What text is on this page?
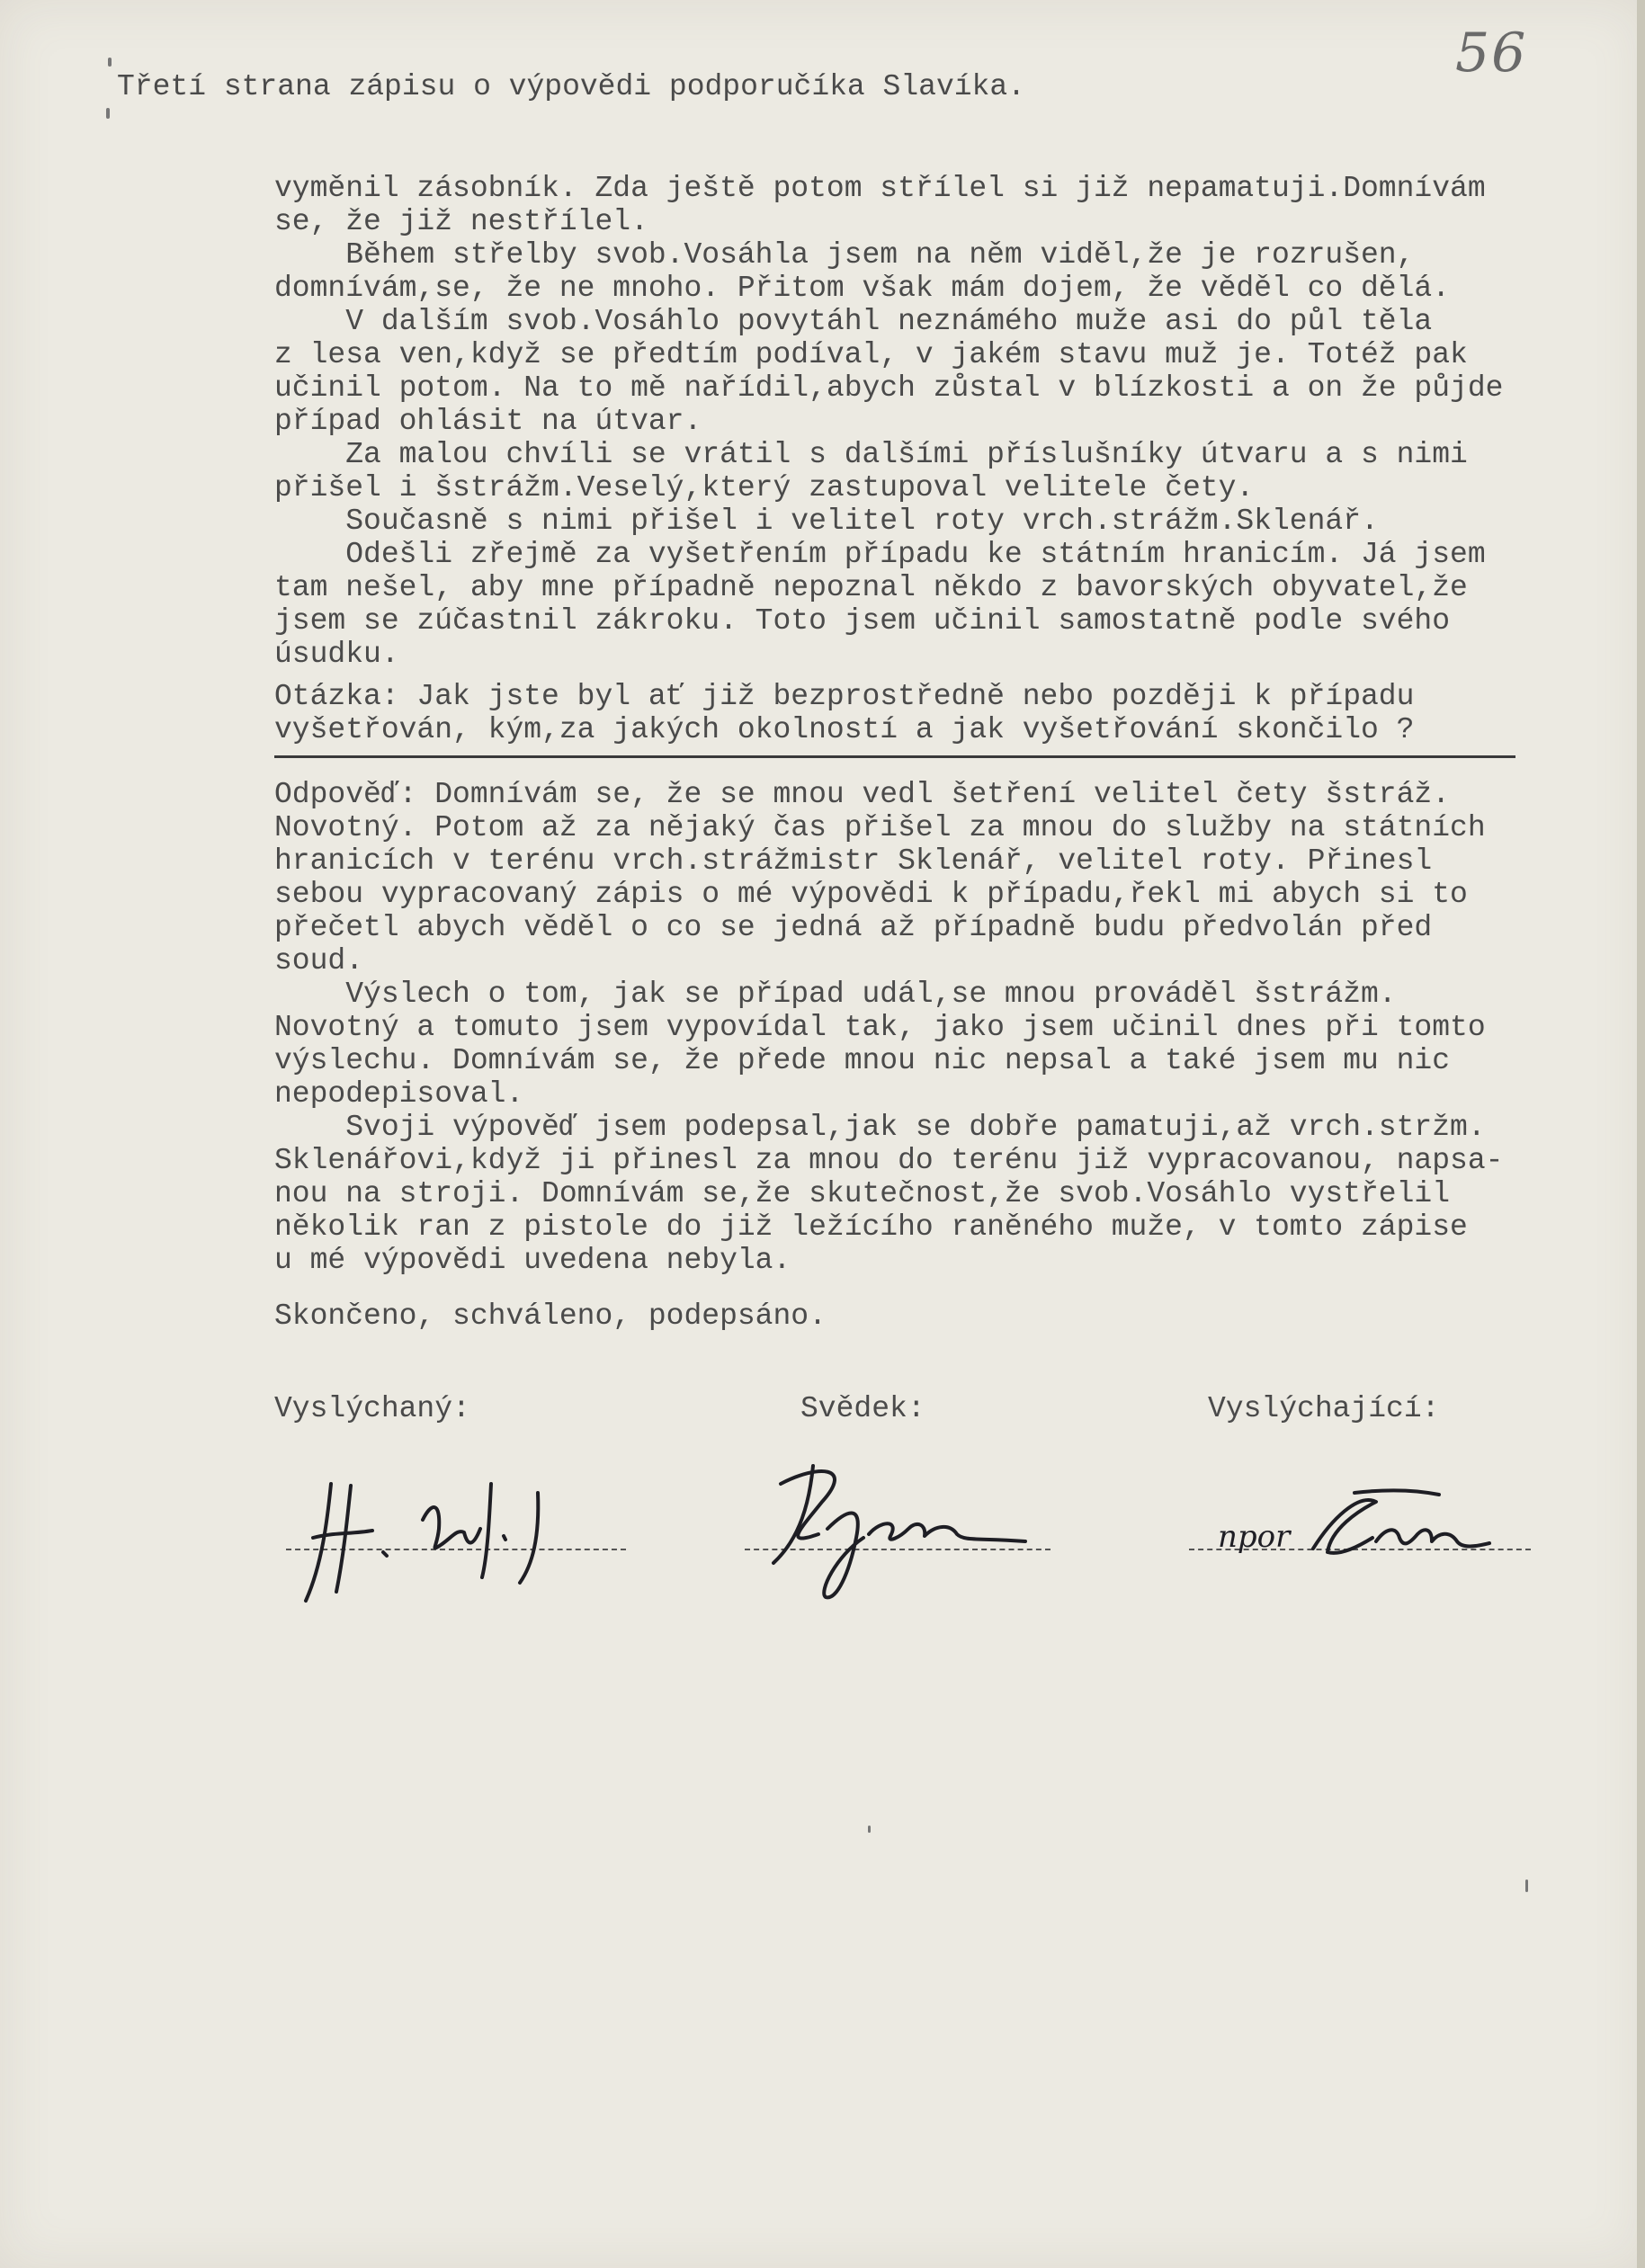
56
Třetí strana zápisu o výpovědi podporučíka Slavíka.
vyměnil zásobník. Zda ještě potom střílel si již nepamatuji.Domnívám
se, že již nestřílel.
Během střelby svob.Vosáhla jsem na něm viděl,že je rozrušen,
domnívám,se, že ne mnoho. Přitom však mám dojem, že věděl co dělá.
V dalším svob.Vosáhlo povytáhl neznámého muže asi do půl těla
z lesa ven,když se předtím podíval, v jakém stavu muž je. Totéž pak
učinil potom. Na to mě nařídil,abych zůstal v blízkosti a on že půjde
případ ohlásit na útvar.
Za malou chvíli se vrátil s dalšími příslušníky útvaru a s nimi
přišel i šstrážm.Veselý,který zastupoval velitele čety.
Současně s nimi přišel i velitel roty vrch.strážm.Sklenář.
Odešli zřejmě za vyšetřením případu ke státním hranicím. Já jsem
tam nešel, aby mne případně nepoznal někdo z bavorských obyvatel,že
jsem se zúčastnil zákroku. Toto jsem učinil samostatně podle svého
úsudku.
Otázka: Jak jste byl ať již bezprostředně nebo později k případu
vyšetřován, kým,za jakých okolností a jak vyšetřování skončilo ?
Odpověď: Domnívám se, že se mnou vedl šetření velitel čety šstráž.
Novotný. Potom až za nějaký čas přišel za mnou do služby na státních
hranicích v terénu vrch.strážmistr Sklenář, velitel roty. Přinesl
sebou vypracovaný zápis o mé výpovědi k případu,řekl mi abych si to
přečetl abych věděl o co se jedná až případně budu předvolán před
soud.
Výslech o tom, jak se případ udál,se mnou prováděl šstrážm.
Novotný a tomuto jsem vypovídal tak, jako jsem učinil dnes při tomto
výslechu. Domnívám se, že přede mnou nic nepsal a také jsem mu nic
nepodepisoval.
Svoji výpověď jsem podepsal,jak se dobře pamatuji,až vrch.stržm.
Sklenářovi,když ji přinesl za mnou do terénu již vypracovanou, napsa-
nou na stroji. Domnívám se,že skutečnost,že svob.Vosáhlo vystřelil
několik ran z pistole do již ležícího raněného muže, v tomto zápise
u mé výpovědi uvedena nebyla.
Skončeno, schváleno, podepsáno.
Vyslýchaný:	Svědek:	Vyslýchající:
npor
